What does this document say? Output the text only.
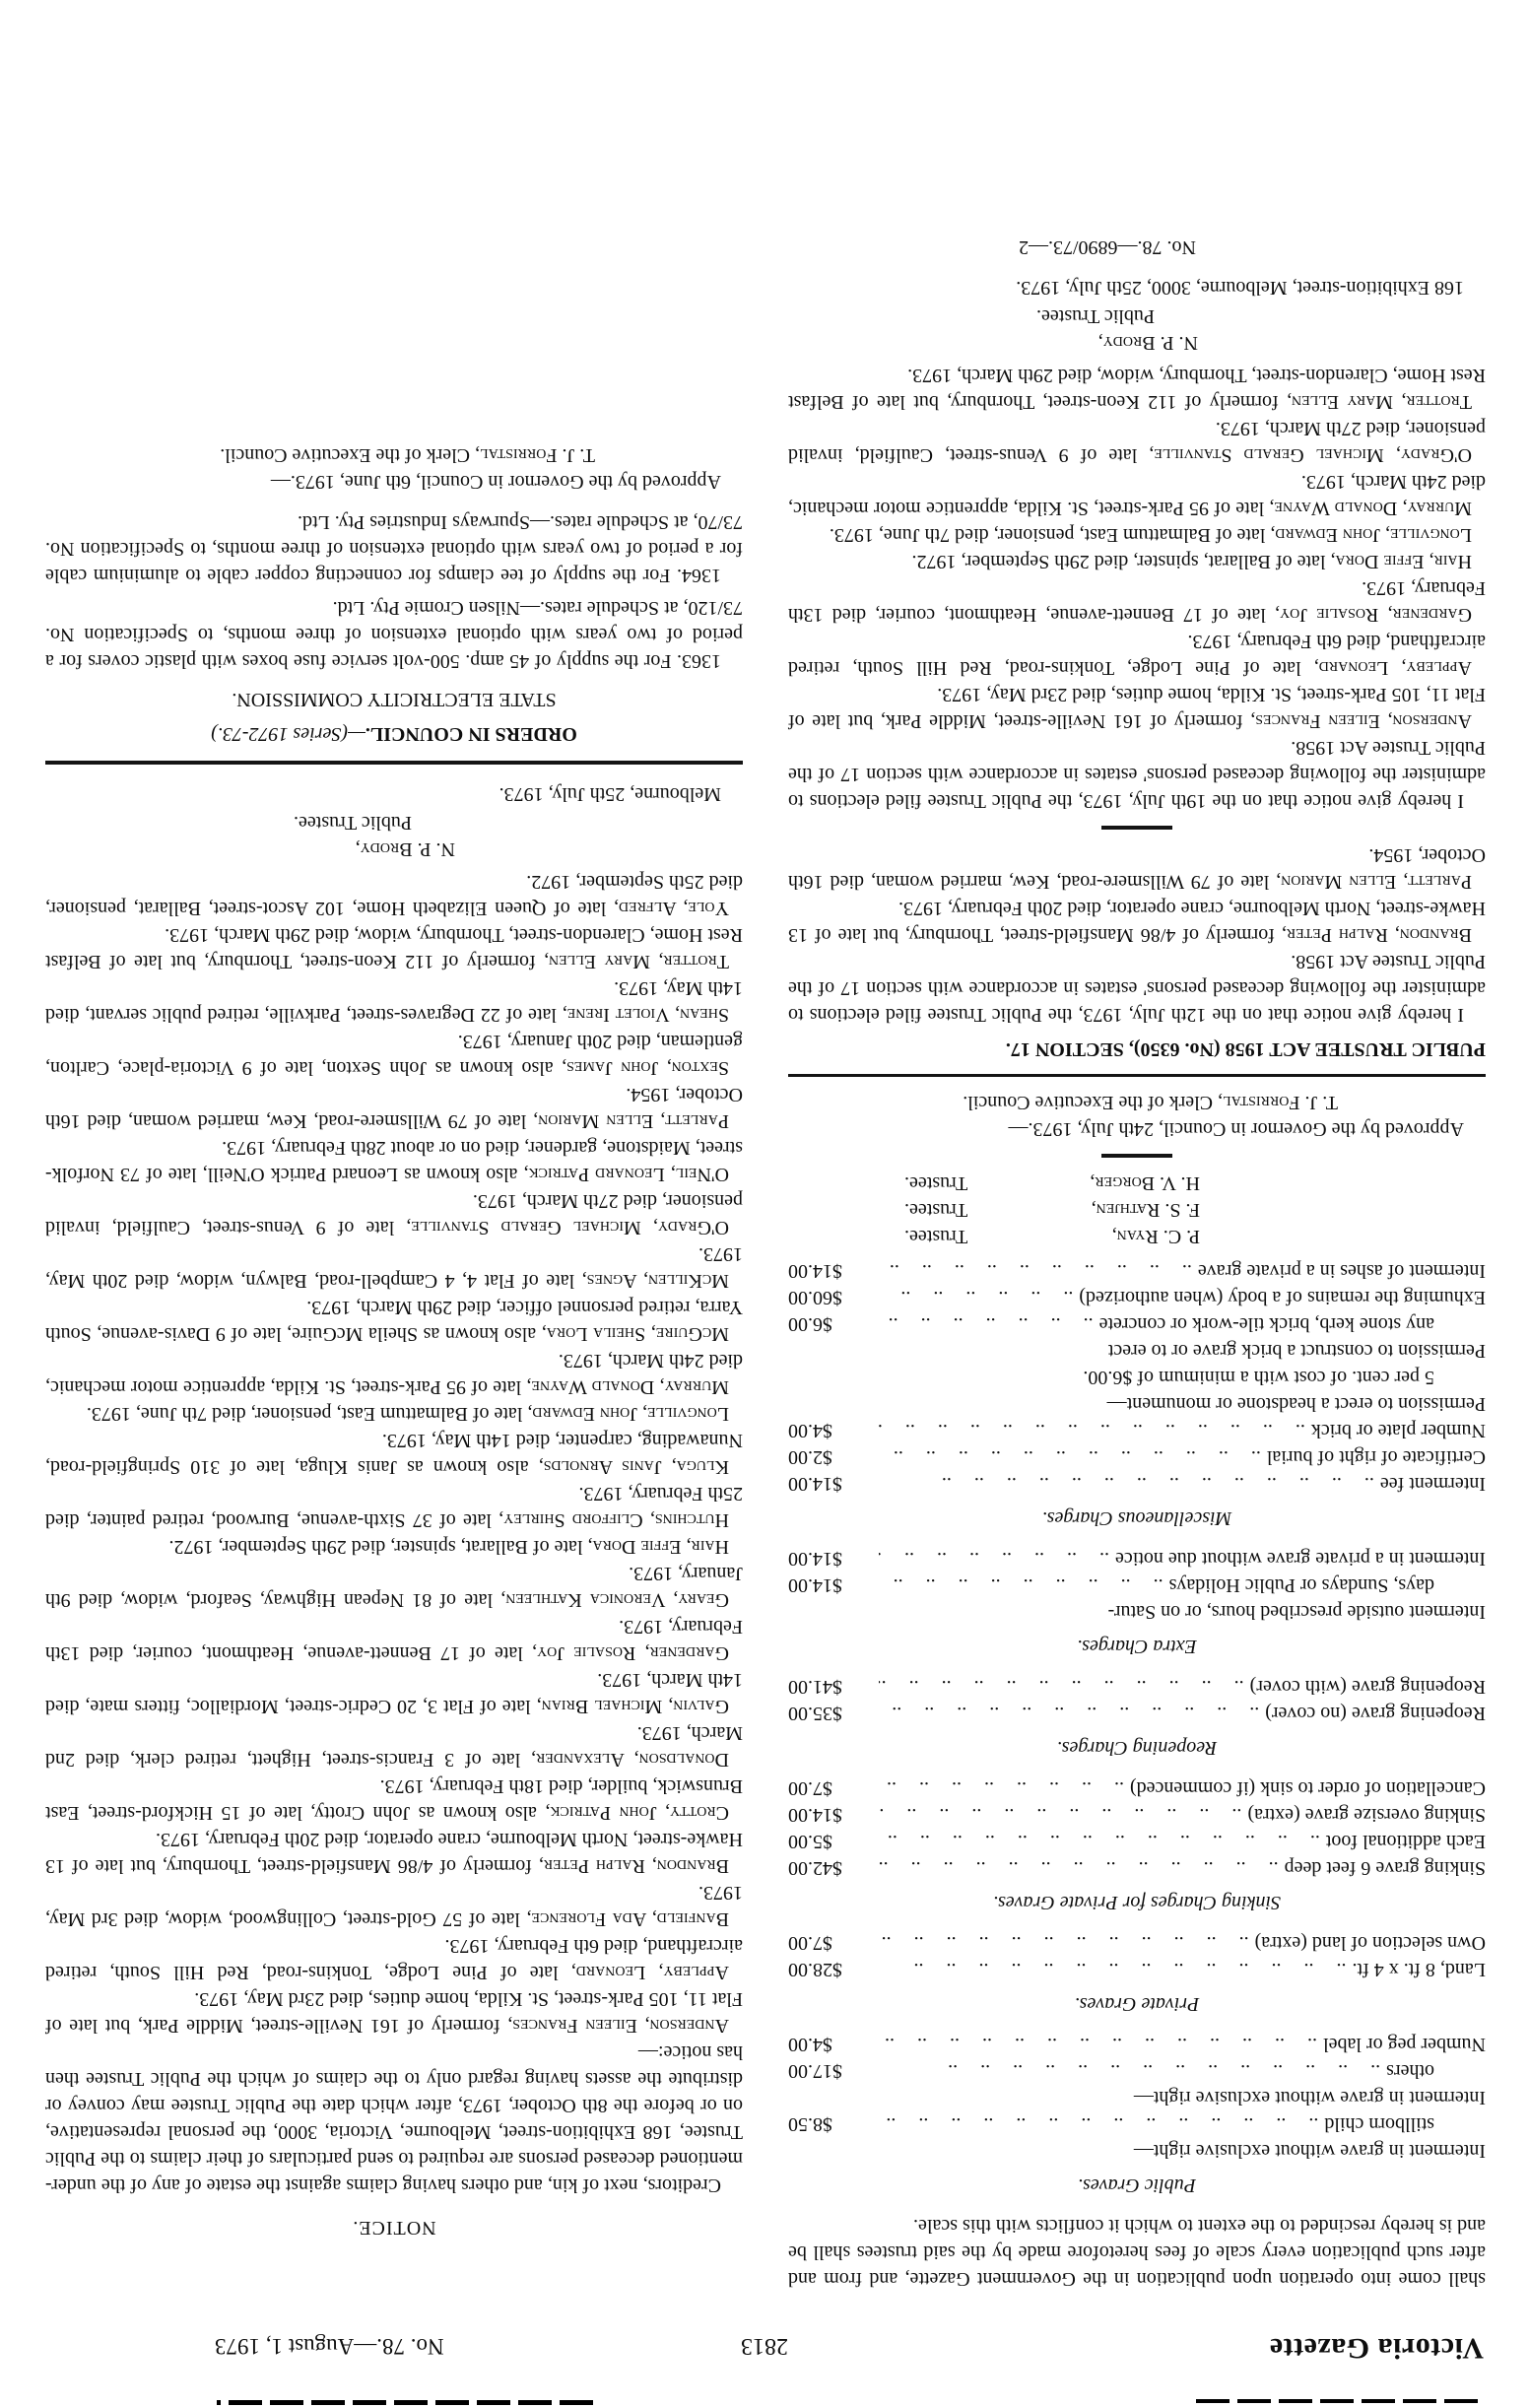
Victoria Gazette
2813
No. 78.—August 1, 1973

shall come into operation upon publication in the Government Gazette, and from and after such publication every scale of fees heretofore made by the said trustees shall be and is hereby rescinded to the extent to which it conflicts with this scale.

Public Graves.

Interment in grave without exclusive right—
stillborn child
.. .
$8.50
Interment in grave without exclusive right—
others
.. .
$17.00
Number peg or label
.. .
$4.00

Private Graves.

Land, 8 ft. x 4 ft.
.. .
$28.00
Own selection of land (extra)
.. .
$7.00

Sinking Charges for Private Graves.

Sinking grave 6 feet deep
.. .
$42.00
Each additional foot
.. .
$5.00
Sinking oversize grave (extra)
.. .
$14.00
Cancellation of order to sink (if commenced)
.. .
$7.00

Reopening Charges.

Reopening grave (no cover)
.. .
$35.00
Reopening grave (with cover)
.. .
$41.00

Extra Charges.

Interment outside prescribed hours, or on Satur-
days, Sundays or Public Holidays
.. .
$14.00
Interment in a private grave without due notice
.. .
$14.00

Miscellaneous Charges.

Interment fee
.. .
$14.00
Certificate of right of burial
.. .
$2.00
Number plate or brick
.. .
$4.00
Permission to erect a headstone or monument—
5 per cent. of cost with a minimum of $6.00.
Permission to construct a brick grave or to erect
any stone kerb, brick tile-work or concrete
.. .
$6.00
Exhuming the remains of a body (when authorized)
.. .
$60.00
Interment of ashes in a private grave
.. .
$14.00
P. C. Ryan,
Trustee.
F. S. Rathjen,
Trustee.
H. V. Borger,
Trustee.

Approved by the Governor in Council, 24th July, 1973.—

T. J. Forristal, Clerk of the Executive Council.

PUBLIC TRUSTEE ACT 1958 (No. 6350), SECTION 17.

I hereby give notice that on the 12th July, 1973, the Public Trustee filed elections to administer the following deceased persons' estates in accordance with section 17 of the Public Trustee Act 1958.

Brandon, Ralph Peter, formerly of 4/86 Mansfield-street, Thornbury, but late of 13 Hawke-street, North Melbourne, crane operator, died 20th February, 1973.

Parlett, Ellen Marion, late of 79 Willsmere-road, Kew, married woman, died 16th October, 1954.

I hereby give notice that on the 19th July, 1973, the Public Trustee filed elections to administer the following deceased persons' estates in accordance with section 17 of the Public Trustee Act 1958.

Anderson, Eileen Frances, formerly of 161 Neville-street, Middle Park, but late of Flat 11, 105 Park-street, St. Kilda, home duties, died 23rd May, 1973.

Appleby, Leonard, late of Pine Lodge, Tonkins-road, Red Hill South, retired aircrafthand, died 6th February, 1973.

Gardener, Rosalie Joy, late of 17 Bennett-avenue, Heathmont, courier, died 13th February, 1973.

Hair, Effie Dora, late of Ballarat, spinster, died 29th September, 1972.

Longville, John Edward, late of Balmattum East, pensioner, died 7th June, 1973.

Murray, Donald Wayne, late of 95 Park-street, St. Kilda, apprentice motor mechanic, died 24th March, 1973.

O'Grady, Michael Gerald Stanville, late of 9 Venus-street, Caulfield, invalid pensioner, died 27th March, 1973.

Trotter, Mary Ellen, formerly of 112 Keon-street, Thornbury, but late of Belfast Rest Home, Clarendon-street, Thornbury, widow, died 29th March, 1973.

N. P. Brody,

Public Trustee.

168 Exhibition-street, Melbourne, 3000, 25th July, 1973.

No. 78.—6890/73.—2

NOTICE.

Creditors, next of kin, and others having claims against the estate of any of the under-mentioned deceased persons are required to send particulars of their claims to the Public Trustee, 168 Exhibition-street, Melbourne, Victoria, 3000, the personal representative, on or before the 8th October, 1973, after which date the Public Trustee may convey or distribute the assets having regard only to the claims of which the Public Trustee then has notice:—

Anderson, Eileen Frances, formerly of 161 Neville-street, Middle Park, but late of Flat 11, 105 Park-street, St. Kilda, home duties, died 23rd May, 1973.

Appleby, Leonard, late of Pine Lodge, Tonkins-road, Red Hill South, retired aircrafthand, died 6th February, 1973.

Banfield, Ada Florence, late of 57 Gold-street, Collingwood, widow, died 3rd May, 1973.

Brandon, Ralph Peter, formerly of 4/86 Mansfield-street, Thornbury, but late of 13 Hawke-street, North Melbourne, crane operator, died 20th February, 1973.

Crotty, John Patrick, also known as John Crotty, late of 15 Hickford-street, East Brunswick, builder, died 18th February, 1973.

Donaldson, Alexander, late of 3 Francis-street, Highett, retired clerk, died 2nd March, 1973.

Galvin, Michael Brian, late of Flat 3, 20 Cedric-street, Mordialloc, fitters mate, died 14th March, 1973.

Gardener, Rosalie Joy, late of 17 Bennett-avenue, Heathmont, courier, died 13th February, 1973.

Geary, Veronica Kathleen, late of 81 Nepean Highway, Seaford, widow, died 9th January, 1973.

Hair, Effie Dora, late of Ballarat, spinster, died 29th September, 1972.

Hutchins, Clifford Shirley, late of 37 Sixth-avenue, Burwood, retired painter, died 25th February, 1973.

Kluga, Janis Arnolds, also known as Janis Kluga, late of 310 Springfield-road, Nunawading, carpenter, died 14th May, 1973.

Longville, John Edward, late of Balmattum East, pensioner, died 7th June, 1973.

Murray, Donald Wayne, late of 95 Park-street, St. Kilda, apprentice motor mechanic, died 24th March, 1973.

McGuire, Sheila Lora, also known as Sheila McGuire, late of 9 Davis-avenue, South Yarra, retired personnel officer, died 29th March, 1973.

McKillen, Agnes, late of Flat 4, 4 Campbell-road, Balwyn, widow, died 20th May, 1973.

O'Grady, Michael Gerald Stanville, late of 9 Venus-street, Caulfield, invalid pensioner, died 27th March, 1973.

O'Neil, Leonard Patrick, also known as Leonard Patrick O'Neill, late of 73 Norfolk-street, Maidstone, gardener, died on or about 28th February, 1973.

Parlett, Ellen Marion, late of 79 Willsmere-road, Kew, married woman, died 16th October, 1954.

Sexton, John James, also known as John Sexton, late of 9 Victoria-place, Carlton, gentleman, died 20th January, 1973.

Shean, Violet Irene, late of 22 Degraves-street, Parkville, retired public servant, died 14th May, 1973.

Trotter, Mary Ellen, formerly of 112 Keon-street, Thornbury, but late of Belfast Rest Home, Clarendon-street, Thornbury, widow, died 29th March, 1973.

Yole, Alfred, late of Queen Elizabeth Home, 102 Ascot-street, Ballarat, pensioner, died 25th September, 1972.

N. P. Brody,

Public Trustee.

Melbourne, 25th July, 1973.

ORDERS IN COUNCIL.—(Series 1972-73.)

STATE ELECTRICITY COMMISSION.

1363. For the supply of 45 amp. 500-volt service fuse boxes with plastic covers for a period of two years with optional extension of three months, to Specification No. 73/120, at Schedule rates.—Nilsen Cromie Pty. Ltd.

1364. For the supply of tee clamps for connecting copper cable to aluminium cable for a period of two years with optional extension of three months, to Specification No. 73/70, at Schedule rates.—Spurways Industries Pty. Ltd.

Approved by the Governor in Council, 6th June, 1973.—

T. J. Forristal, Clerk of the Executive Council.
